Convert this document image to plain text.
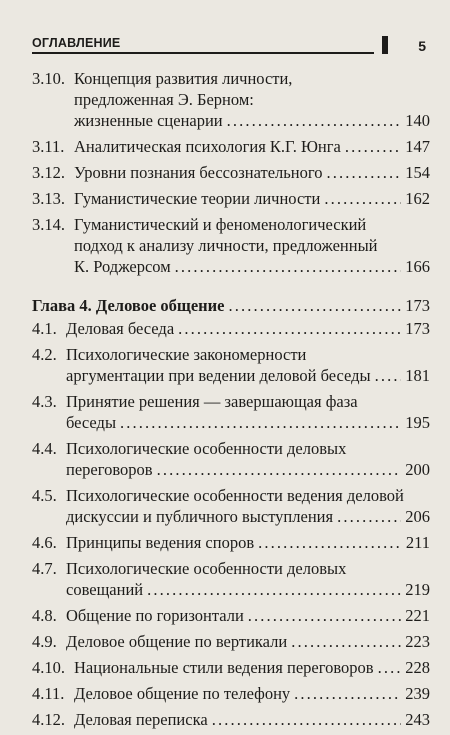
ОГЛАВЛЕНИЕ	5
3.10. Концепция развития личности,
предложенная Э. Берном:
жизненные сценарии . . .	140
3.11. Аналитическая психология К.Г. Юнга . . .	147
3.12. Уровни познания бессознательного . . .	154
3.13. Гуманистические теории личности . . .	162
3.14. Гуманистический и феноменологический
подход к анализу личности, предложенный
К. Роджерсом . . .	166
Глава 4. Деловое общение . . .	173
4.1. Деловая беседа . . .	173
4.2. Психологические закономерности
аргументации при ведении деловой беседы . . . 181
4.3. Принятие решения — завершающая фаза
беседы . . .	195
4.4. Психологические особенности деловых
переговоров . . .	200
4.5. Психологические особенности ведения деловой
дискуссии и публичного выступления . . .	206
4.6. Принципы ведения споров . . .	211
4.7. Психологические особенности деловых
совещаний . . .	219
4.8. Общение по горизонтали . . .	221
4.9. Деловое общение по вертикали . . .	223
4.10. Национальные стили ведения переговоров . . . 228
4.11. Деловое общение по телефону . . .	239
4.12. Деловая переписка . . .	243
